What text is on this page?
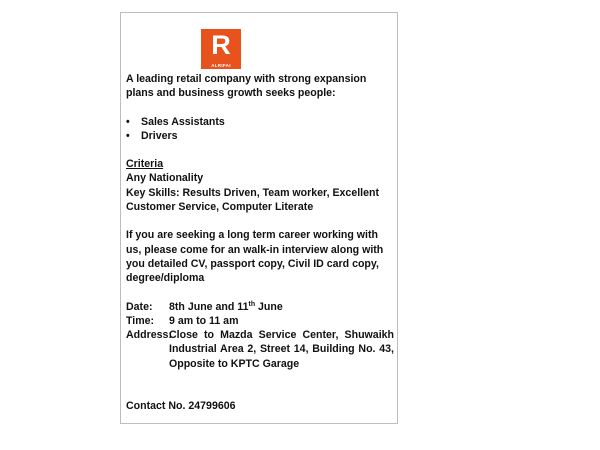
R
ALRIFAI

A leading retail company with strong expansion plans and business growth seeks people:

•	Sales Assistants
•	Drivers

Criteria

Any Nationality

Key Skills: Results Driven, Team worker, Excellent Customer Service, Computer Literate

If you are seeking a long term career working with us, please come for an walk-in interview along with you detailed CV, passport copy, Civil ID card copy, degree/diploma

Date:	8th June and 11th June
Time:	9 am to 11 am
Address:
Close to Mazda Service Center, Shuwaikh Industrial Area 2, Street 14, Building No. 43, Opposite to KPTC Garage

Contact No. 24799606
